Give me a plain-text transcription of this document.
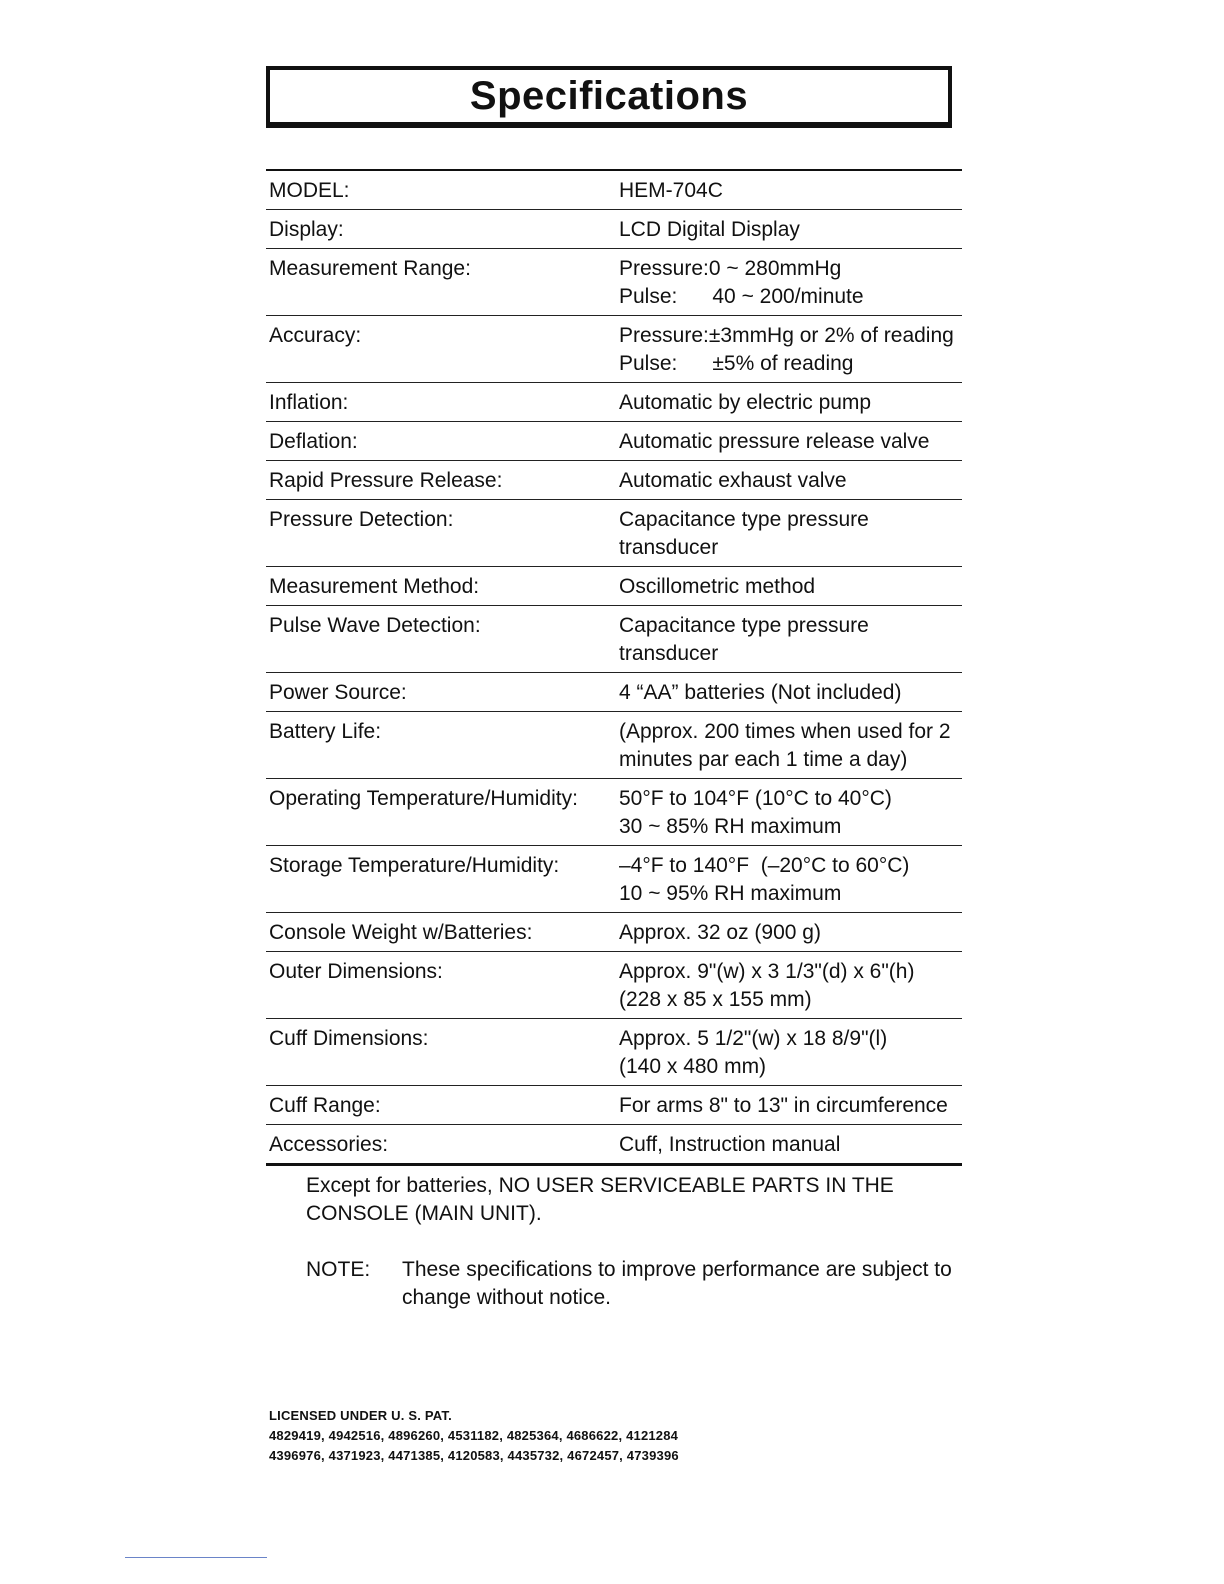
Specifications
MODEL:	HEM-704C
Display:	LCD Digital Display
Measurement Range:	Pressure:0 ~ 280mmHg
Pulse:      40 ~ 200/minute
Accuracy:	Pressure:±3mmHg or 2% of reading
Pulse:      ±5% of reading
Inflation:	Automatic by electric pump
Deflation:	Automatic pressure release valve
Rapid Pressure Release:	Automatic exhaust valve
Pressure Detection:	Capacitance type pressure
transducer
Measurement Method:	Oscillometric method
Pulse Wave Detection:	Capacitance type pressure
transducer
Power Source:	4 “AA” batteries (Not included)
Battery Life:	(Approx. 200 times when used for 2
minutes par each 1 time a day)
Operating Temperature/Humidity:	50°F to 104°F (10°C to 40°C)
30 ~ 85% RH maximum
Storage Temperature/Humidity:	–4°F to 140°F  (–20°C to 60°C)
10 ~ 95% RH maximum
Console Weight w/Batteries:	Approx. 32 oz (900 g)
Outer Dimensions:	Approx. 9"(w) x 3 1/3"(d) x 6"(h)
(228 x 85 x 155 mm)
Cuff Dimensions:	Approx. 5 1/2"(w) x 18 8/9"(l)
(140 x 480 mm)
Cuff Range:	For arms 8" to 13" in circumference
Accessories:	Cuff, Instruction manual

Except for batteries, NO USER SERVICEABLE PARTS IN THE CONSOLE (MAIN UNIT).

NOTE:	These specifications to improve performance are subject to change without notice.
LICENSED UNDER U. S. PAT.
4829419, 4942516, 4896260, 4531182, 4825364, 4686622, 4121284
4396976, 4371923, 4471385, 4120583, 4435732, 4672457, 4739396
